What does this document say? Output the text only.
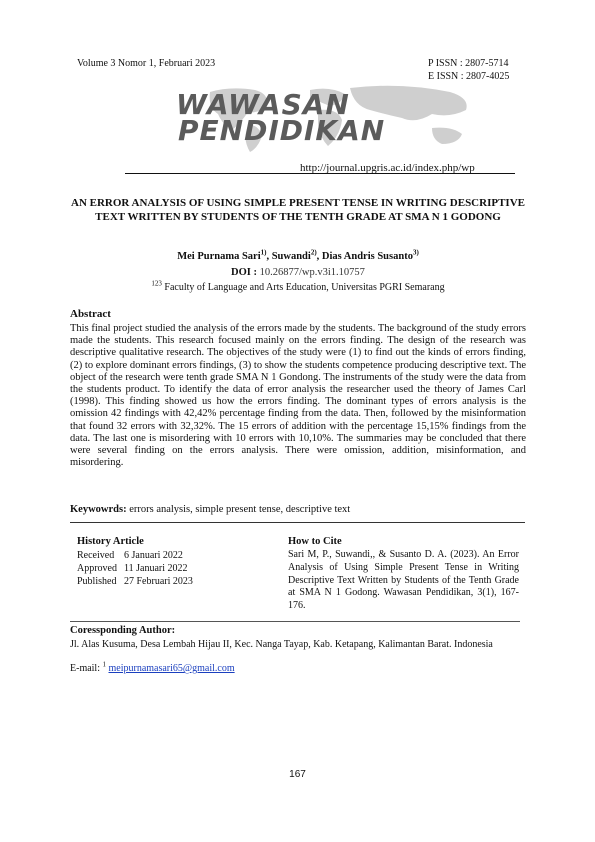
Volume 3 Nomor 1, Februari 2023	P ISSN : 2807-5714
E ISSN : 2807-4025
WAWASAN
PENDIDIKAN
http://journal.upgris.ac.id/index.php/wp
AN ERROR ANALYSIS OF USING SIMPLE PRESENT TENSE IN WRITING DESCRIPTIVE TEXT WRITTEN BY STUDENTS OF THE TENTH GRADE AT SMA N 1 GODONG
Mei Purnama Sari$^{1)}$, Suwandi$^{2)}$, Dias Andris Susanto$^{3)}$
DOI : 10.26877/wp.v3i1.10757
$^{123}$ Faculty of Language and Arts Education, Universitas PGRI Semarang
Abstract
This final project studied the analysis of the errors made by the students. The background of the study errors made the students. This research focused mainly on the errors finding. The design of the research was descriptive qualitative research. The objectives of the study were (1) to find out the kinds of errors finding, (2) to explore dominant errors findings, (3) to show the students competence producing descriptive text. The object of the research were tenth grade SMA N 1 Gondong. The instruments of the study were the data from the students product. To identify the data of error analysis the researcher used the theory of James Carl (1998). This finding showed us how the errors finding. The dominant types of errors analysis is the omission 42 findings with 42,42% percentage finding from the data. Then, followed by the misinformation that found 32 errors with 32,32%. The 15 errors of addition with the percentage 15,15% findings from the data. The last one is misordering with 10 errors with 10,10%. The summaries may be concluded that there were several finding on the errors analysis. There were omission, addition, misinformation, and misordering.
Keywowrds: errors analysis, simple present tense, descriptive text
History Article
Received 6 Januari 2022
Approved 11 Januari 2022
Published 27 Februari 2023
How to Cite
Sari M, P., Suwandi,, & Susanto D. A. (2023). An Error Analysis of Using Simple Present Tense in Writing Descriptive Text Written by Students of the Tenth Grade at SMA N 1 Godong. Wawasan Pendidikan, 3(1), 167-176.
Coressponding Author:
Jl. Alas Kusuma, Desa Lembah Hijau II, Kec. Nanga Tayap, Kab. Ketapang, Kalimantan Barat. Indonesia
E-mail: $^1$ meipurnamasari65@gmail.com
167
